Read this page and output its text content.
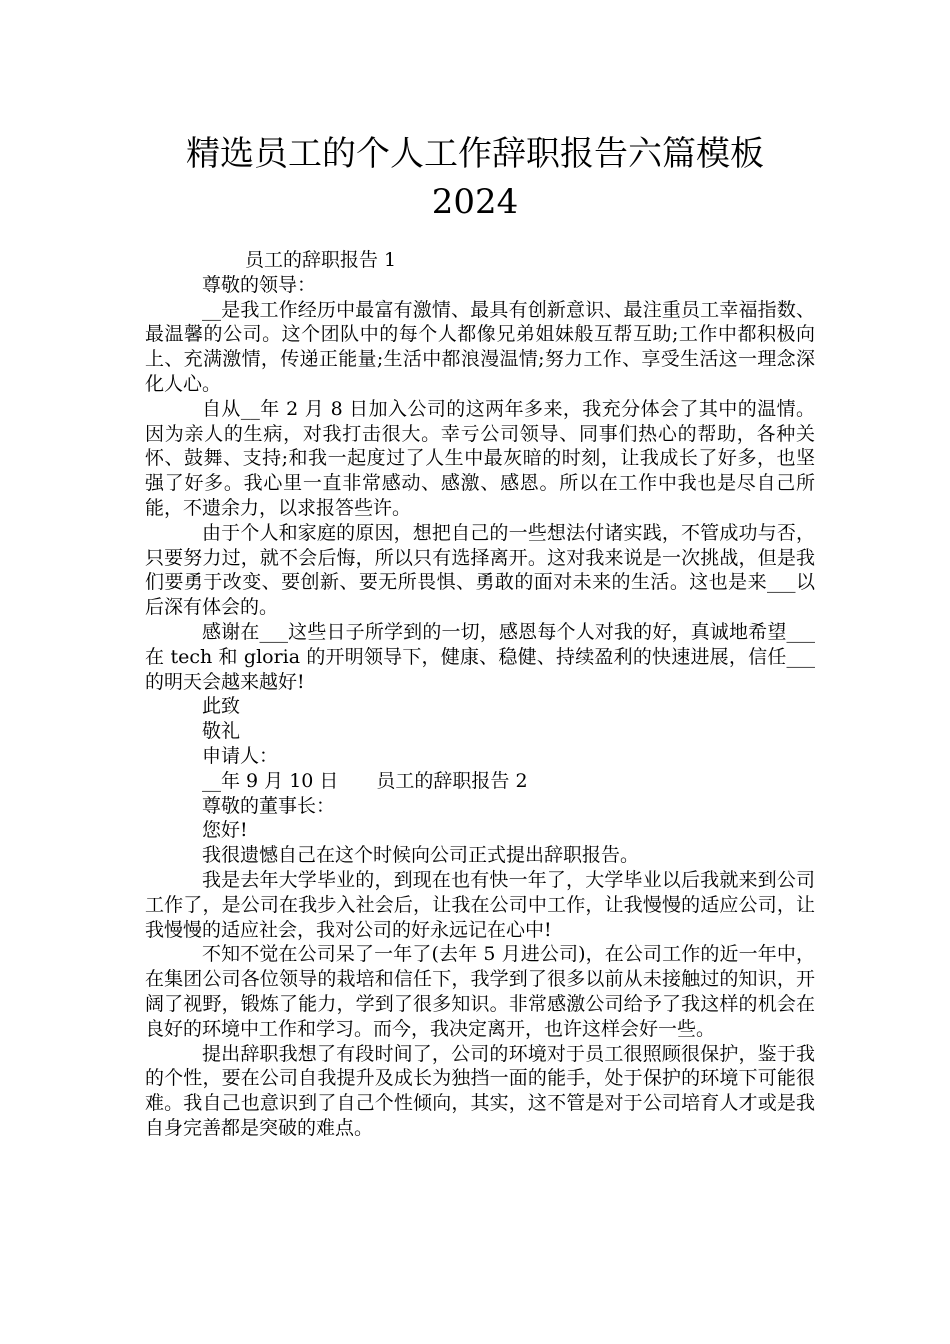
精选员工的个人工作辞职报告六篇模板
2024

员工的辞职报告 1

尊敬的领导：

__是我工作经历中最富有激情、最具有创新意识、最注重员工幸福指数、最温馨的公司。这个团队中的每个人都像兄弟姐妹般互帮互助;工作中都积极向上、充满激情，传递正能量;生活中都浪漫温情;努力工作、享受生活这一理念深化人心。

自从__年 2 月 8 日加入公司的这两年多来，我充分体会了其中的温情。因为亲人的生病，对我打击很大。幸亏公司领导、同事们热心的帮助，各种关怀、鼓舞、支持;和我一起度过了人生中最灰暗的时刻，让我成长了好多，也坚强了好多。我心里一直非常感动、感激、感恩。所以在工作中我也是尽自己所能，不遗余力，以求报答些许。

由于个人和家庭的原因，想把自己的一些想法付诸实践，不管成功与否，只要努力过，就不会后悔，所以只有选择离开。这对我来说是一次挑战，但是我们要勇于改变、要创新、要无所畏惧、勇敢的面对未来的生活。这也是来___以后深有体会的。

感谢在___这些日子所学到的一切，感恩每个人对我的好，真诚地希望___在 tech 和 gloria 的开明领导下，健康、稳健、持续盈利的快速进展，信任___的明天会越来越好!

此致

敬礼

申请人：

__年 9 月 10 日　　员工的辞职报告 2

尊敬的董事长：

您好!

我很遗憾自己在这个时候向公司正式提出辞职报告。

我是去年大学毕业的，到现在也有快一年了，大学毕业以后我就来到公司工作了，是公司在我步入社会后，让我在公司中工作，让我慢慢的适应公司，让我慢慢的适应社会，我对公司的好永远记在心中!

不知不觉在公司呆了一年了(去年 5 月进公司)，在公司工作的近一年中，在集团公司各位领导的栽培和信任下，我学到了很多以前从未接触过的知识，开阔了视野，锻炼了能力，学到了很多知识。非常感激公司给予了我这样的机会在良好的环境中工作和学习。而今，我决定离开，也许这样会好一些。

提出辞职我想了有段时间了，公司的环境对于员工很照顾很保护，鉴于我的个性，要在公司自我提升及成长为独挡一面的能手，处于保护的环境下可能很难。我自己也意识到了自己个性倾向，其实，这不管是对于公司培育人才或是我自身完善都是突破的难点。
